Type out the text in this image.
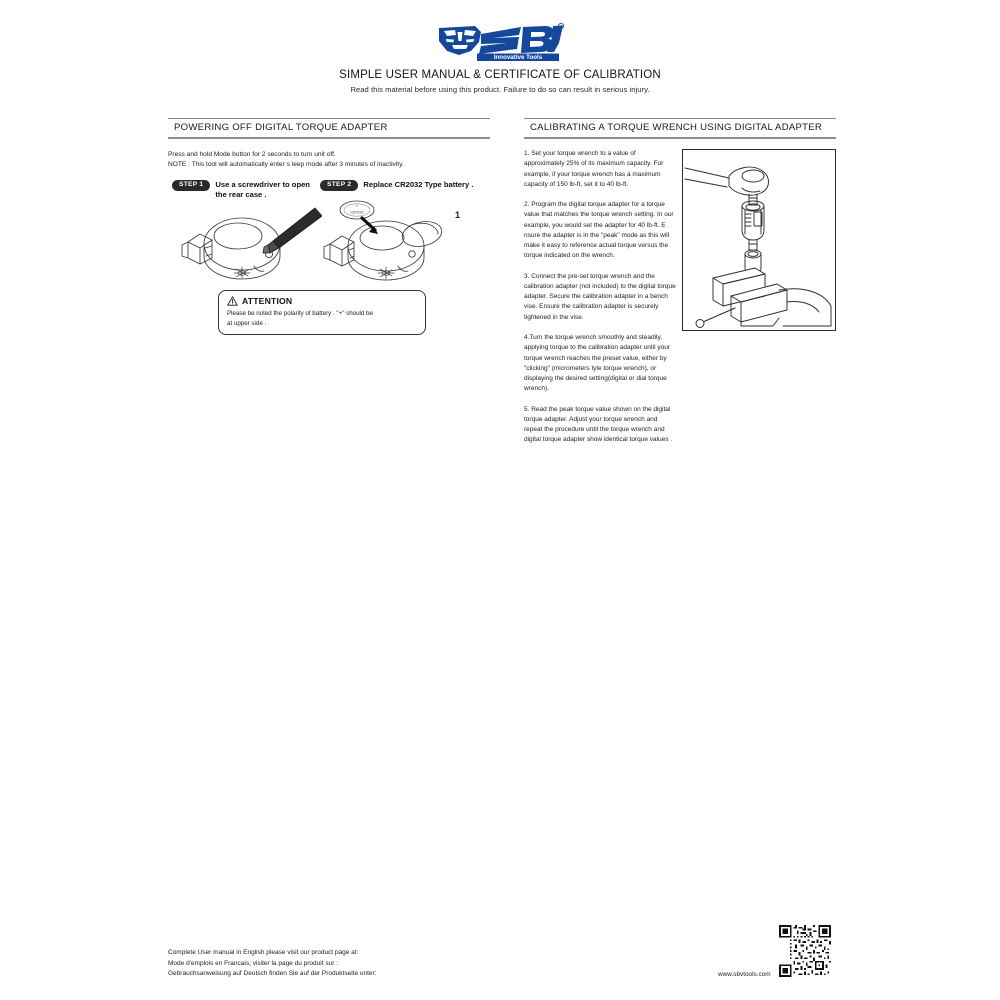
R
Innovative Tools
SIMPLE USER MANUAL & CERTIFICATE OF CALIBRATION
Read this material before using this product. Failure to do so can result in serious injury.
POWERING OFF DIGITAL TORQUE ADAPTER
Press and hold Mode button for 2 seconds to turn unit off.
NOTE : This tool will automatically enter s leep mode after 3 minutes of inactivity.
STEP 1	Use a screwdriver to open
the rear case .
STEP 2	Replace CR2032 Type battery .
+
CR2032	1
ATTENTION
Please be noted the polarity of battery . "+" should be
at upper side .
CALIBRATING A TORQUE WRENCH USING DIGITAL ADAPTER

1. Set your torque wrench to a value of approximately 25% of its maximum capacity. For example, if your torque wrench has a maximum capacity of 150 lb-ft, set it to 40 lb-ft.

2. Program the digital torque adapter for a torque value that matches the torque wrench setting. In our example, you would set the adapter for 40 lb-ft. E nsure the adapter is in the "peak" mode as this will make it easy to reference actual torque versus the torque indicated on the wrench.

3. Connect the pre-set torque wrench and the calibration adapter (not included) to the digital torque adapter. Secure the calibration adapter in a bench vise. Ensure the calibration adapter is securely tightened in the vise.

4.Turn the torque wrench smoothly and steadily, applying torque to the calibration adapter until your torque wrench reaches the preset value, either by "clicking" (micrometers tyle torque wrench), or displaying the desired setting(digital or dial torque wrench).

5. Read the peak torque value shown on the digital torque adapter. Adjust your torque wrench and repeat the procedure until the torque wrench and digital torque adapter show identical torque values .

Complete User manual in English please visit our product page at:
Mode d'emplois en Francais, visiter la page du produit sur :
Gebrauchsanweisung auf Deutsch finden Sie auf der Produktseite unter:	www.sbvtools.com
